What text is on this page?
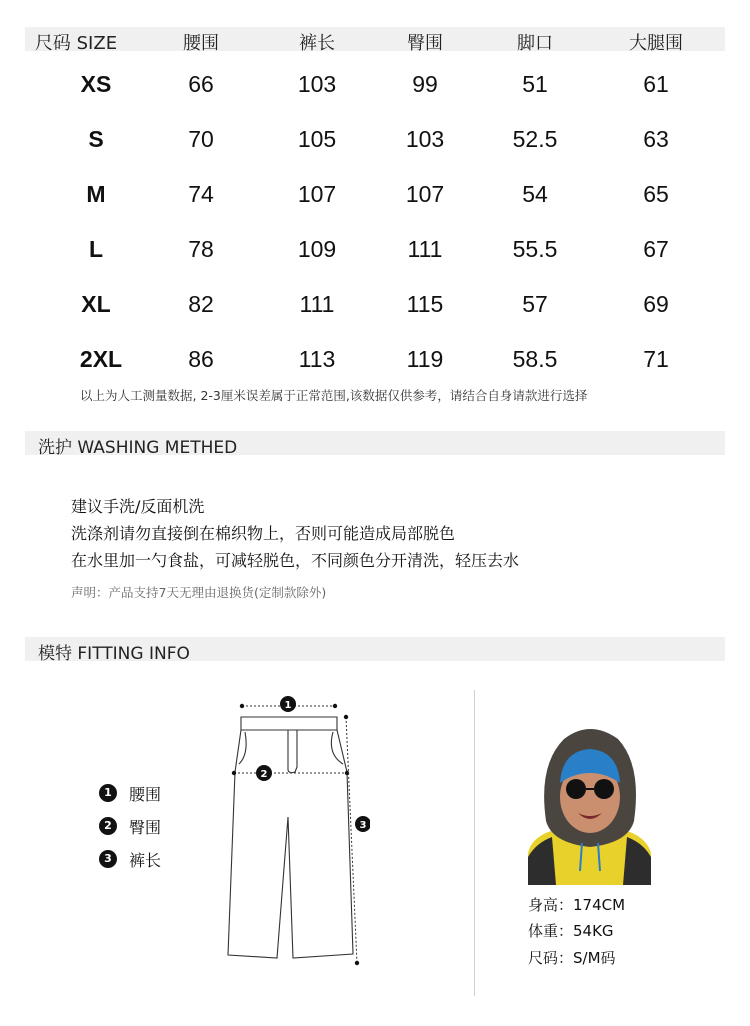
尺码 SIZE	腰围	裤长	臀围	脚口	大腿围
XS	66	103	99	51	61
S	70	105	103	52.5	63
M	74	107	107	54	65
L	78	109	111	55.5	67
XL	82	111	115	57	69
2XL	86	113	119	58.5	71
以上为人工测量数据, 2-3厘米误差属于正常范围,该数据仅供参考，请结合自身请款进行选择
洗护 WASHING METHED
建议手洗/反面机洗
洗涤剂请勿直接倒在棉织物上，否则可能造成局部脱色
在水里加一勺食盐，可减轻脱色，不同颜色分开清洗，轻压去水
声明：产品支持7天无理由退换货(定制款除外)
模特 FITTING INFO
1	腰围
2	臀围
3	裤长
1
2
3
身高：174CM
体重：54KG
尺码：S/M码
